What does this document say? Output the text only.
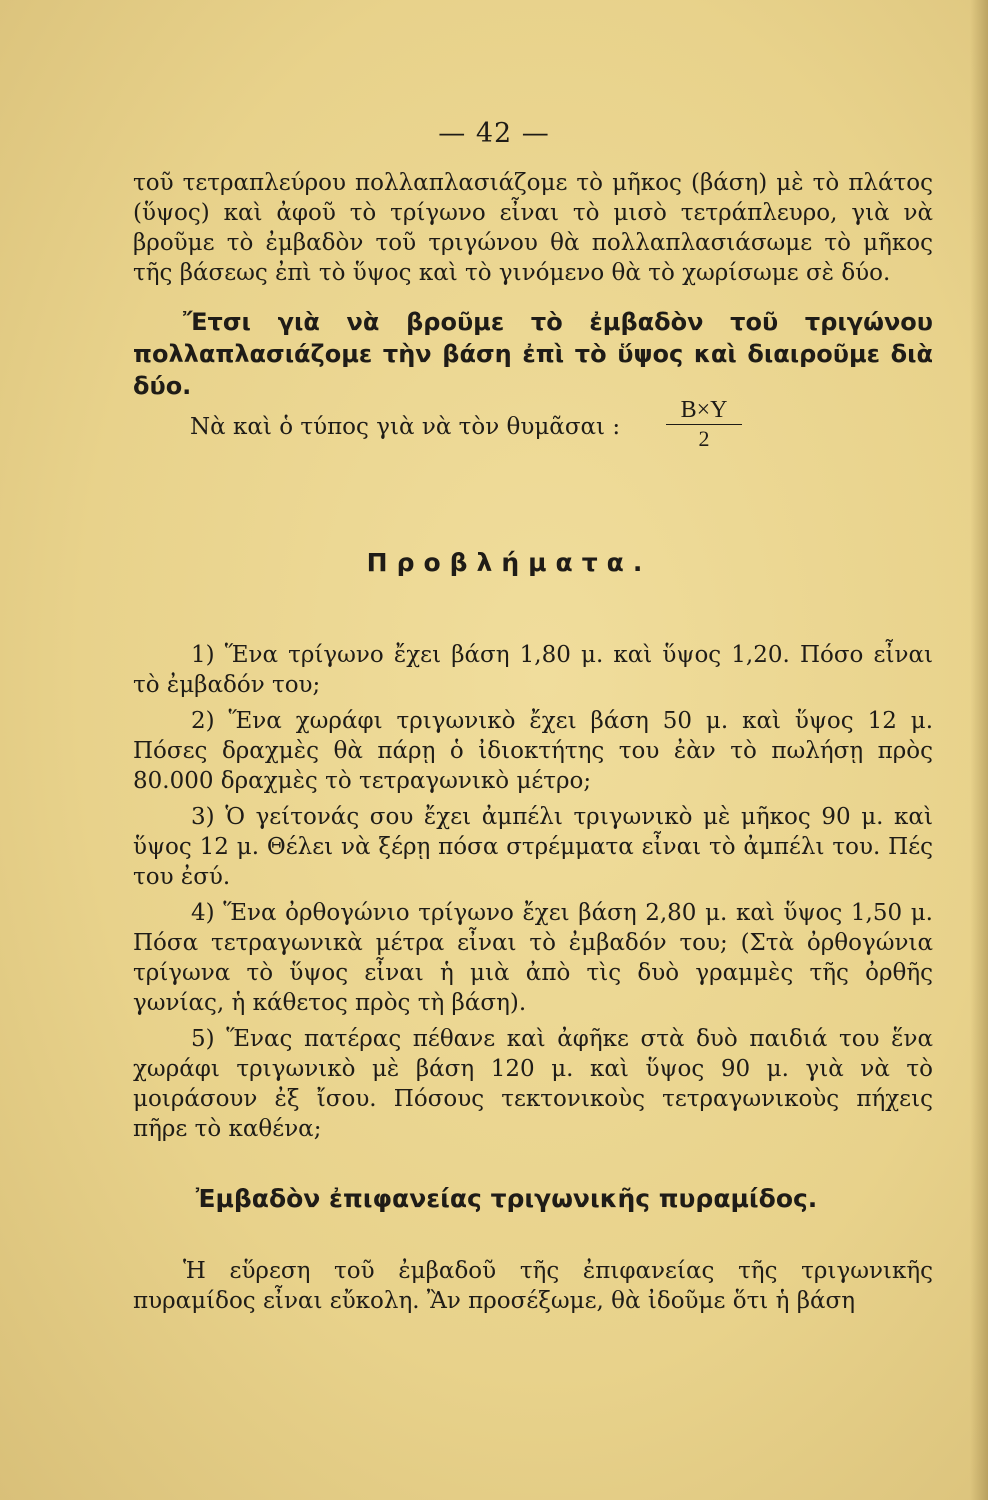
— 42 —

τοῦ τετραπλεύρου πολλαπλασιάζομε τὸ μῆκος (βάση) μὲ τὸ πλάτος (ὕψος) καὶ ἀφοῦ τὸ τρίγωνο εἶναι τὸ μισὸ τετράπλευρο, γιὰ νὰ βροῦμε τὸ ἐμβαδὸν τοῦ τριγώνου θὰ πολλαπλασιάσωμε τὸ μῆκος τῆς βάσεως ἐπὶ τὸ ὕψος καὶ τὸ γινόμενο θὰ τὸ χωρίσωμε σὲ δύο.

Ἔτσι γιὰ νὰ βροῦμε τὸ ἐμβαδὸν τοῦ τριγώνου πολλαπλασιάζομε τὴν βάση ἐπὶ τὸ ὕψος καὶ διαιροῦμε διὰ δύο.

Νὰ καὶ ὁ τύπος γιὰ νὰ τὸν θυμᾶσαι : $\frac{B\times\Upsilon}{2}$
Προβλήματα.
1) Ἕνα τρίγωνο ἔχει βάση 1,80 μ. καὶ ὕψος 1,20. Πόσο εἶναι τὸ ἐμβαδόν του;
2) Ἕνα χωράφι τριγωνικὸ ἔχει βάση 50 μ. καὶ ὕψος 12 μ. Πόσες δραχμὲς θὰ πάρῃ ὁ ἰδιοκτήτης του ἐὰν τὸ πωλήσῃ πρὸς 80.000 δραχμὲς τὸ τετραγωνικὸ μέτρο;
3) Ὁ γείτονάς σου ἔχει ἀμπέλι τριγωνικὸ μὲ μῆκος 90 μ. καὶ ὕψος 12 μ. Θέλει νὰ ξέρῃ πόσα στρέμματα εἶναι τὸ ἀμπέλι του. Πές του ἐσύ.
4) Ἕνα ὀρθογώνιο τρίγωνο ἔχει βάση 2,80 μ. καὶ ὕψος 1,50 μ. Πόσα τετραγωνικὰ μέτρα εἶναι τὸ ἐμβαδόν του; (Στὰ ὀρθογώνια τρίγωνα τὸ ὕψος εἶναι ἡ μιὰ ἀπὸ τὶς δυὸ γραμμὲς τῆς ὀρθῆς γωνίας, ἡ κάθετος πρὸς τὴ βάση).
5) Ἕνας πατέρας πέθανε καὶ ἀφῆκε στὰ δυὸ παιδιά του ἕνα χωράφι τριγωνικὸ μὲ βάση 120 μ. καὶ ὕψος 90 μ. γιὰ νὰ τὸ μοιράσουν ἐξ ἴσου. Πόσους τεκτονικοὺς τετραγωνικοὺς πήχεις πῆρε τὸ καθένα;
Ἐμβαδὸν ἐπιφανείας τριγωνικῆς πυραμίδος.

Ἡ εὕρεση τοῦ ἐμβαδοῦ τῆς ἐπιφανείας τῆς τριγωνικῆς πυραμίδος εἶναι εὔκολη. Ἂν προσέξωμε, θὰ ἰδοῦμε ὅτι ἡ βάση
